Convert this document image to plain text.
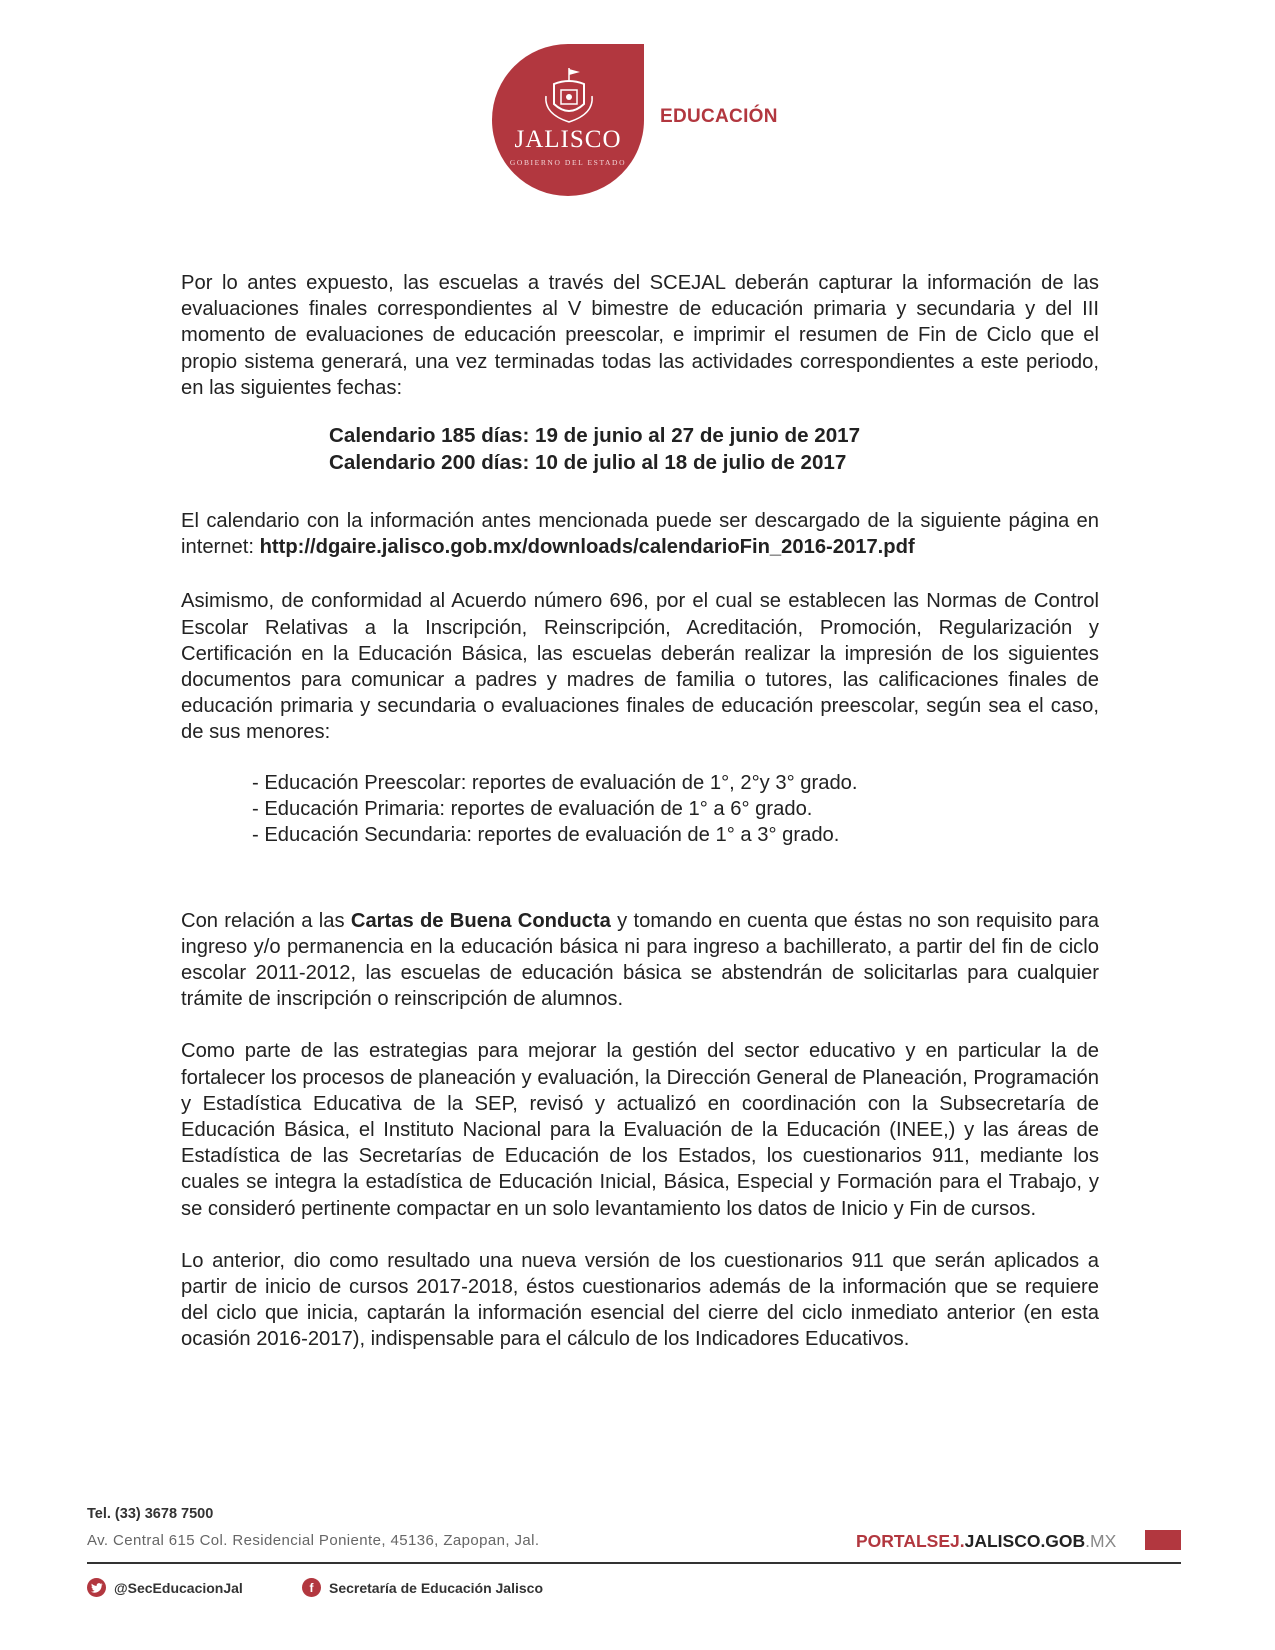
JALISCO
GOBIERNO DEL ESTADO
EDUCACIÓN

Por lo antes expuesto, las escuelas a través del SCEJAL deberán capturar la información de las evaluaciones finales correspondientes al V bimestre de educación primaria y secundaria y del III momento de evaluaciones de educación preescolar, e imprimir el resumen de Fin de Ciclo que el propio sistema generará, una vez terminadas todas las actividades correspondientes a este periodo, en las siguientes fechas:

Calendario 185 días: 19 de junio al 27 de junio de 2017
Calendario 200 días: 10 de julio al 18 de julio de 2017

El calendario con la información antes mencionada puede ser descargado de la siguiente página en internet: http://dgaire.jalisco.gob.mx/downloads/calendarioFin_2016-2017.pdf

Asimismo, de conformidad al Acuerdo número 696, por el cual se establecen las Normas de Control Escolar Relativas a la Inscripción, Reinscripción, Acreditación, Promoción, Regularización y Certificación en la Educación Básica, las escuelas deberán realizar la impresión de los siguientes documentos para comunicar a padres y madres de familia o tutores, las calificaciones finales de educación primaria y secundaria o evaluaciones finales de educación preescolar, según sea el caso, de sus menores:

- Educación Preescolar: reportes de evaluación de 1°, 2°y 3° grado.
- Educación Primaria: reportes de evaluación de 1° a 6° grado.
- Educación Secundaria: reportes de evaluación de 1° a 3° grado.

Con relación a las Cartas de Buena Conducta y tomando en cuenta que éstas no son requisito para ingreso y/o permanencia en la educación básica ni para ingreso a bachillerato, a partir del fin de ciclo escolar 2011-2012, las escuelas de educación básica se abstendrán de solicitarlas para cualquier trámite de inscripción o reinscripción de alumnos.

Como parte de las estrategias para mejorar la gestión del sector educativo y en particular la de fortalecer los procesos de planeación y evaluación, la Dirección General de Planeación, Programación y Estadística Educativa de la SEP, revisó y actualizó en coordinación con la Subsecretaría de Educación Básica, el Instituto Nacional para la Evaluación de la Educación (INEE,) y las áreas de Estadística de las Secretarías de Educación de los Estados, los cuestionarios 911, mediante los cuales se integra la estadística de Educación Inicial, Básica, Especial y Formación para el Trabajo, y se consideró pertinente compactar en un solo levantamiento los datos de Inicio y Fin de cursos.

Lo anterior, dio como resultado una nueva versión de los cuestionarios 911 que serán aplicados a partir de inicio de cursos 2017-2018, éstos cuestionarios además de la información que se requiere del ciclo que inicia, captarán la información esencial del cierre del ciclo inmediato anterior (en esta ocasión 2016-2017), indispensable para el cálculo de los Indicadores Educativos.

Tel. (33) 3678 7500
Av. Central 615 Col. Residencial Poniente, 45136, Zapopan, Jal.	PORTALSEJ.JALISCO.GOB.MX
@SecEducacionJal	f	Secretaría de Educación Jalisco
